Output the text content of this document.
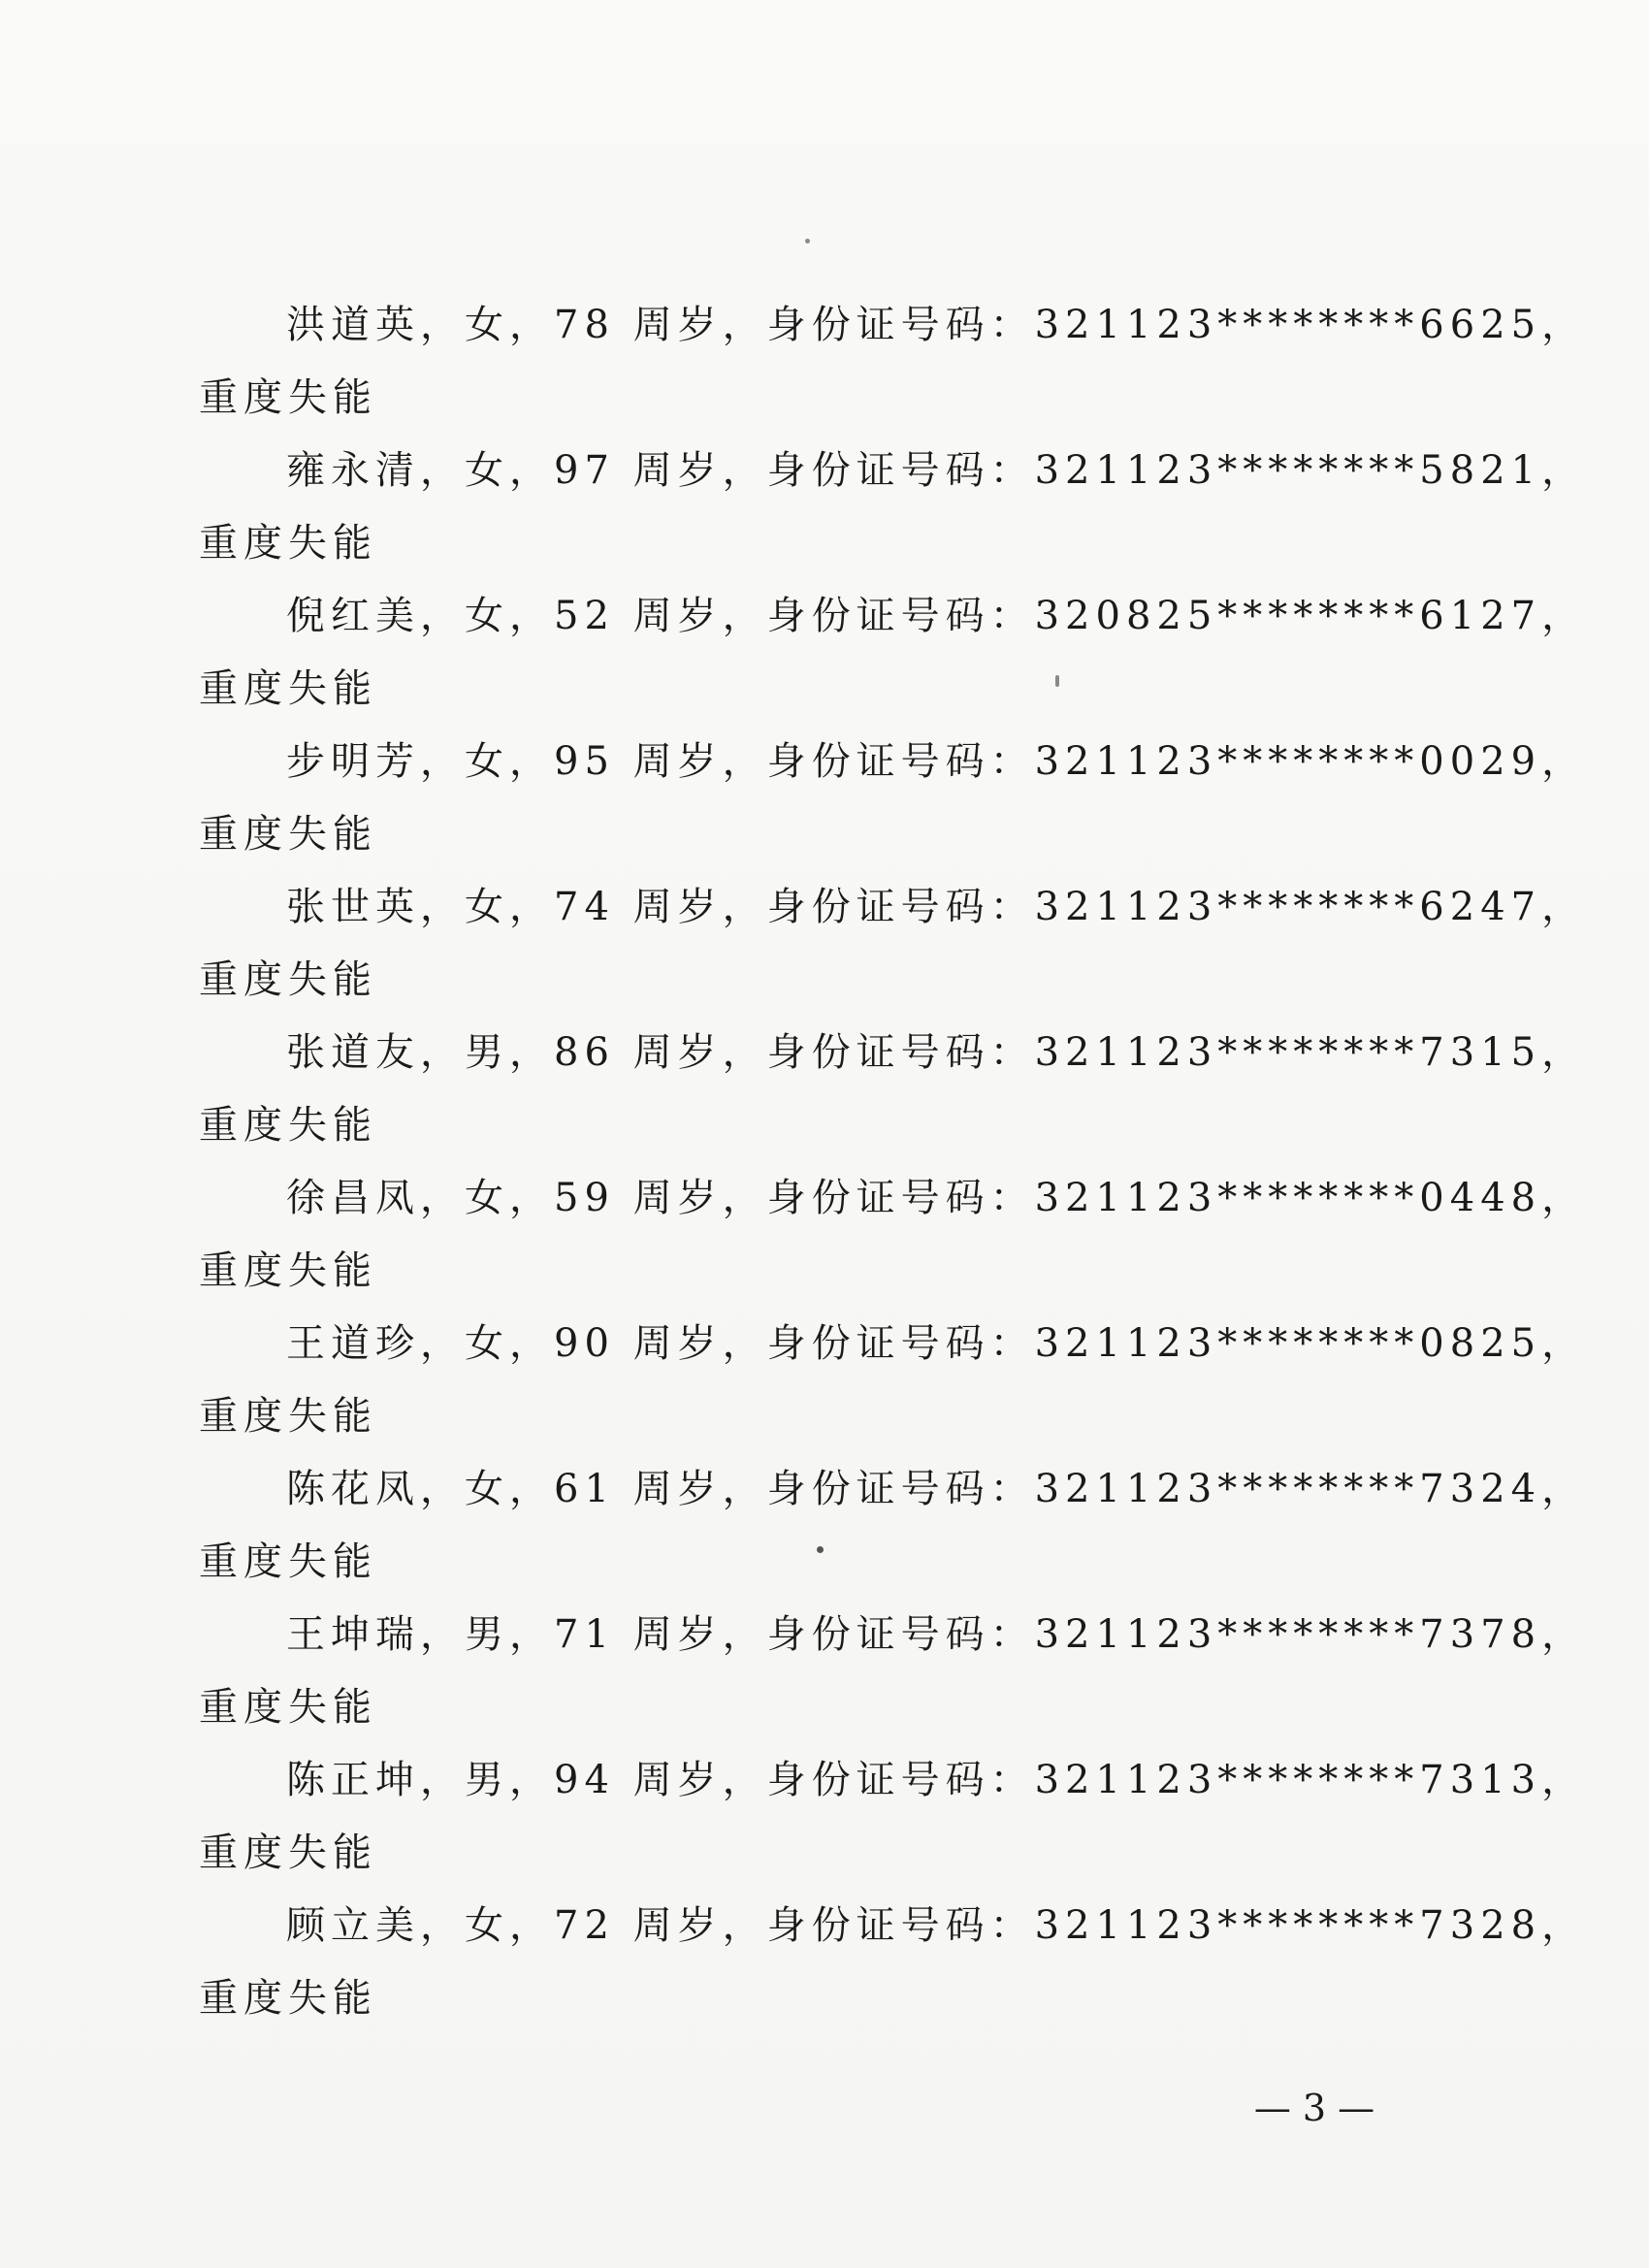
洪道英，女，78 周岁，身份证号码：321123********6625，
重度失能
雍永清，女，97 周岁，身份证号码：321123********5821，
重度失能
倪红美，女，52 周岁，身份证号码：320825********6127，
重度失能
步明芳，女，95 周岁，身份证号码：321123********0029，
重度失能
张世英，女，74 周岁，身份证号码：321123********6247，
重度失能
张道友，男，86 周岁，身份证号码：321123********7315，
重度失能
徐昌凤，女，59 周岁，身份证号码：321123********0448，
重度失能
王道珍，女，90 周岁，身份证号码：321123********0825，
重度失能
陈花凤，女，61 周岁，身份证号码：321123********7324，
重度失能
王坤瑞，男，71 周岁，身份证号码：321123********7378，
重度失能
陈正坤，男，94 周岁，身份证号码：321123********7313，
重度失能
顾立美，女，72 周岁，身份证号码：321123********7328，
重度失能
— 3 —
